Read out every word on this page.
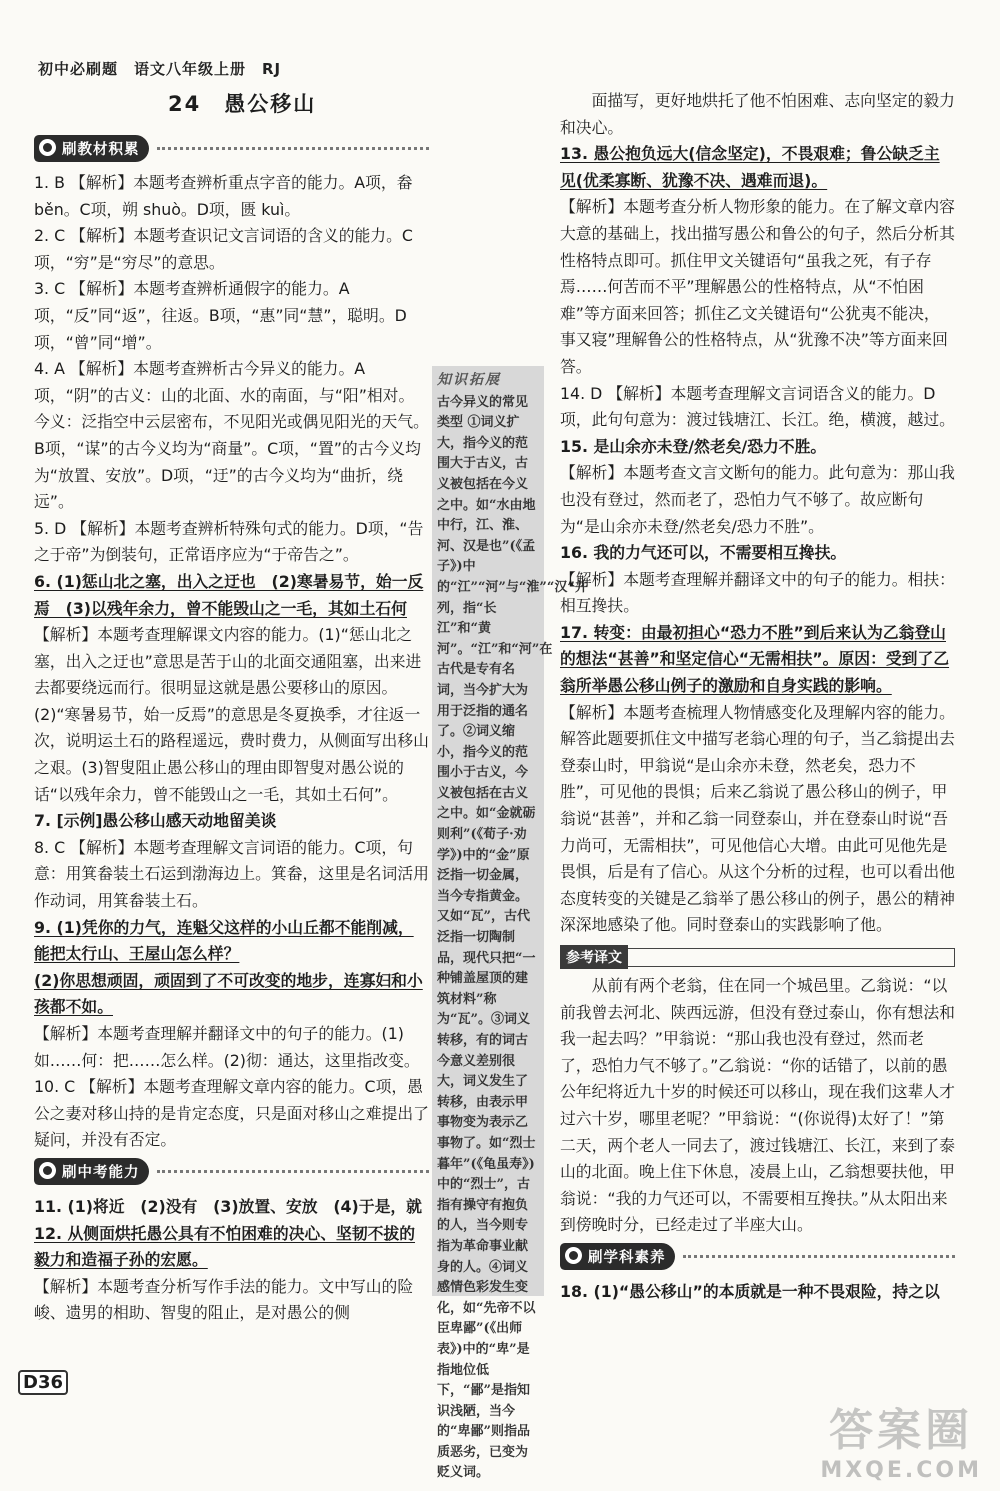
初中必刷题　语文八年级上册　RJ
24　愚公移山
刷教材积累

1. B 【解析】本题考查辨析重点字音的能力。A项，畚 běn。C项，朔 shuò。D项，匮 kuì。

2. C 【解析】本题考查识记文言词语的含义的能力。C项，“穷”是“穷尽”的意思。

3. C 【解析】本题考查辨析通假字的能力。A项，“反”同“返”，往返。B项，“惠”同“慧”，聪明。D项，“曾”同“增”。

4. A 【解析】本题考查辨析古今异义的能力。A项，“阴”的古义：山的北面、水的南面，与“阳”相对。今义：泛指空中云层密布，不见阳光或偶见阳光的天气。B项，“谋”的古今义均为“商量”。C项，“置”的古今义均为“放置、安放”。D项，“迂”的古今义均为“曲折，绕远”。

5. D 【解析】本题考查辨析特殊句式的能力。D项，“告之于帝”为倒装句，正常语序应为“于帝告之”。

6. (1)惩山北之塞，出入之迂也　(2)寒暑易节，始一反焉　(3)以残年余力，曾不能毁山之一毛，其如土石何

【解析】本题考查理解课文内容的能力。(1)“惩山北之塞，出入之迂也”意思是苦于山的北面交通阻塞，出来进去都要绕远而行。很明显这就是愚公要移山的原因。(2)“寒暑易节，始一反焉”的意思是冬夏换季，才往返一次，说明运土石的路程遥远，费时费力，从侧面写出移山之艰。(3)智叟阻止愚公移山的理由即智叟对愚公说的话“以残年余力，曾不能毁山之一毛，其如土石何”。

7. [示例]愚公移山感天动地留美谈

8. C 【解析】本题考查理解文言词语的能力。C项，句意：用箕畚装土石运到渤海边上。箕畚，这里是名词活用作动词，用箕畚装土石。

9. (1)凭你的力气，连魁父这样的小山丘都不能削减，能把太行山、王屋山怎么样？

(2)你思想顽固，顽固到了不可改变的地步，连寡妇和小孩都不如。

【解析】本题考查理解并翻译文中的句子的能力。(1)如……何：把……怎么样。(2)彻：通达，这里指改变。

10. C 【解析】本题考查理解文章内容的能力。C项，愚公之妻对移山持的是肯定态度，只是面对移山之难提出了疑问，并没有否定。

刷中考能力

11. (1)将近　(2)没有　(3)放置、安放　(4)于是，就

12. 从侧面烘托愚公具有不怕困难的决心、坚韧不拔的毅力和造福子孙的宏愿。

【解析】本题考查分析写作手法的能力。文中写山的险峻、遗男的相助、智叟的阻止，是对愚公的侧

知识拓展
古今异义的常见类型 ①词义扩大，指今义的范围大于古义，古义被包括在今义之中。如“水由地中行，江、淮、河、汉是也”(《孟子》)中的“江”“河”与“淮”“汉”并列，指“长江”和“黄河”。“江”和“河”在古代是专有名词，当今扩大为用于泛指的通名了。②词义缩小，指今义的范围小于古义，今义被包括在古义之中。如“金就砺则利”(《荀子·劝学》)中的“金”原泛指一切金属，当今专指黄金。又如“瓦”，古代泛指一切陶制品，现代只把“一种铺盖屋顶的建筑材料”称为“瓦”。③词义转移，有的词古今意义差别很大，词义发生了转移，由表示甲事物变为表示乙事物了。如“烈士暮年”(《龟虽寿》)中的“烈士”，古指有操守有抱负的人，当今则专指为革命事业献身的人。④词义感情色彩发生变化，如“先帝不以臣卑鄙”(《出师表》)中的“卑”是指地位低下，“鄙”是指知识浅陋，当今的“卑鄙”则指品质恶劣，已变为贬义词。

面描写，更好地烘托了他不怕困难、志向坚定的毅力和决心。

13. 愚公抱负远大(信念坚定)，不畏艰难；鲁公缺乏主见(优柔寡断、犹豫不决、遇难而退)。

【解析】本题考查分析人物形象的能力。在了解文章内容大意的基础上，找出描写愚公和鲁公的句子，然后分析其性格特点即可。抓住甲文关键语句“虽我之死，有子存焉……何苦而不平”理解愚公的性格特点，从“不怕困难”等方面来回答；抓住乙文关键语句“公犹夷不能决，事又寝”理解鲁公的性格特点，从“犹豫不决”等方面来回答。

14. D 【解析】本题考查理解文言词语含义的能力。D项，此句句意为：渡过钱塘江、长江。绝，横渡，越过。

15. 是山余亦未登/然老矣/恐力不胜。

【解析】本题考查文言文断句的能力。此句意为：那山我也没有登过，然而老了，恐怕力气不够了。故应断句为“是山余亦未登/然老矣/恐力不胜”。

16. 我的力气还可以，不需要相互搀扶。

【解析】本题考查理解并翻译文中的句子的能力。相扶：相互搀扶。

17. 转变：由最初担心“恐力不胜”到后来认为乙翁登山的想法“甚善”和坚定信心“无需相扶”。原因：受到了乙翁所举愚公移山例子的激励和自身实践的影响。

【解析】本题考查梳理人物情感变化及理解内容的能力。解答此题要抓住文中描写老翁心理的句子，当乙翁提出去登泰山时，甲翁说“是山余亦未登，然老矣，恐力不胜”，可见他的畏惧；后来乙翁说了愚公移山的例子，甲翁说“甚善”，并和乙翁一同登泰山，并在登泰山时说“吾力尚可，无需相扶”，可见他信心大增。由此可见他先是畏惧，后是有了信心。从这个分析的过程，也可以看出他态度转变的关键是乙翁举了愚公移山的例子，愚公的精神深深地感染了他。同时登泰山的实践影响了他。

参考译文

从前有两个老翁，住在同一个城邑里。乙翁说：“以前我曾去河北、陕西远游，但没有登过泰山，你有想法和我一起去吗？”甲翁说：“那山我也没有登过，然而老了，恐怕力气不够了。”乙翁说：“你的话错了，以前的愚公年纪将近九十岁的时候还可以移山，现在我们这辈人才过六十岁，哪里老呢？”甲翁说：“(你说得)太好了！”第二天，两个老人一同去了，渡过钱塘江、长江，来到了泰山的北面。晚上住下休息，凌晨上山，乙翁想要扶他，甲翁说：“我的力气还可以，不需要相互搀扶。”从太阳出来到傍晚时分，已经走过了半座大山。

刷学科素养

18. (1)“愚公移山”的本质就是一种不畏艰险，持之以

D36
答案圈
MXQE.COM
